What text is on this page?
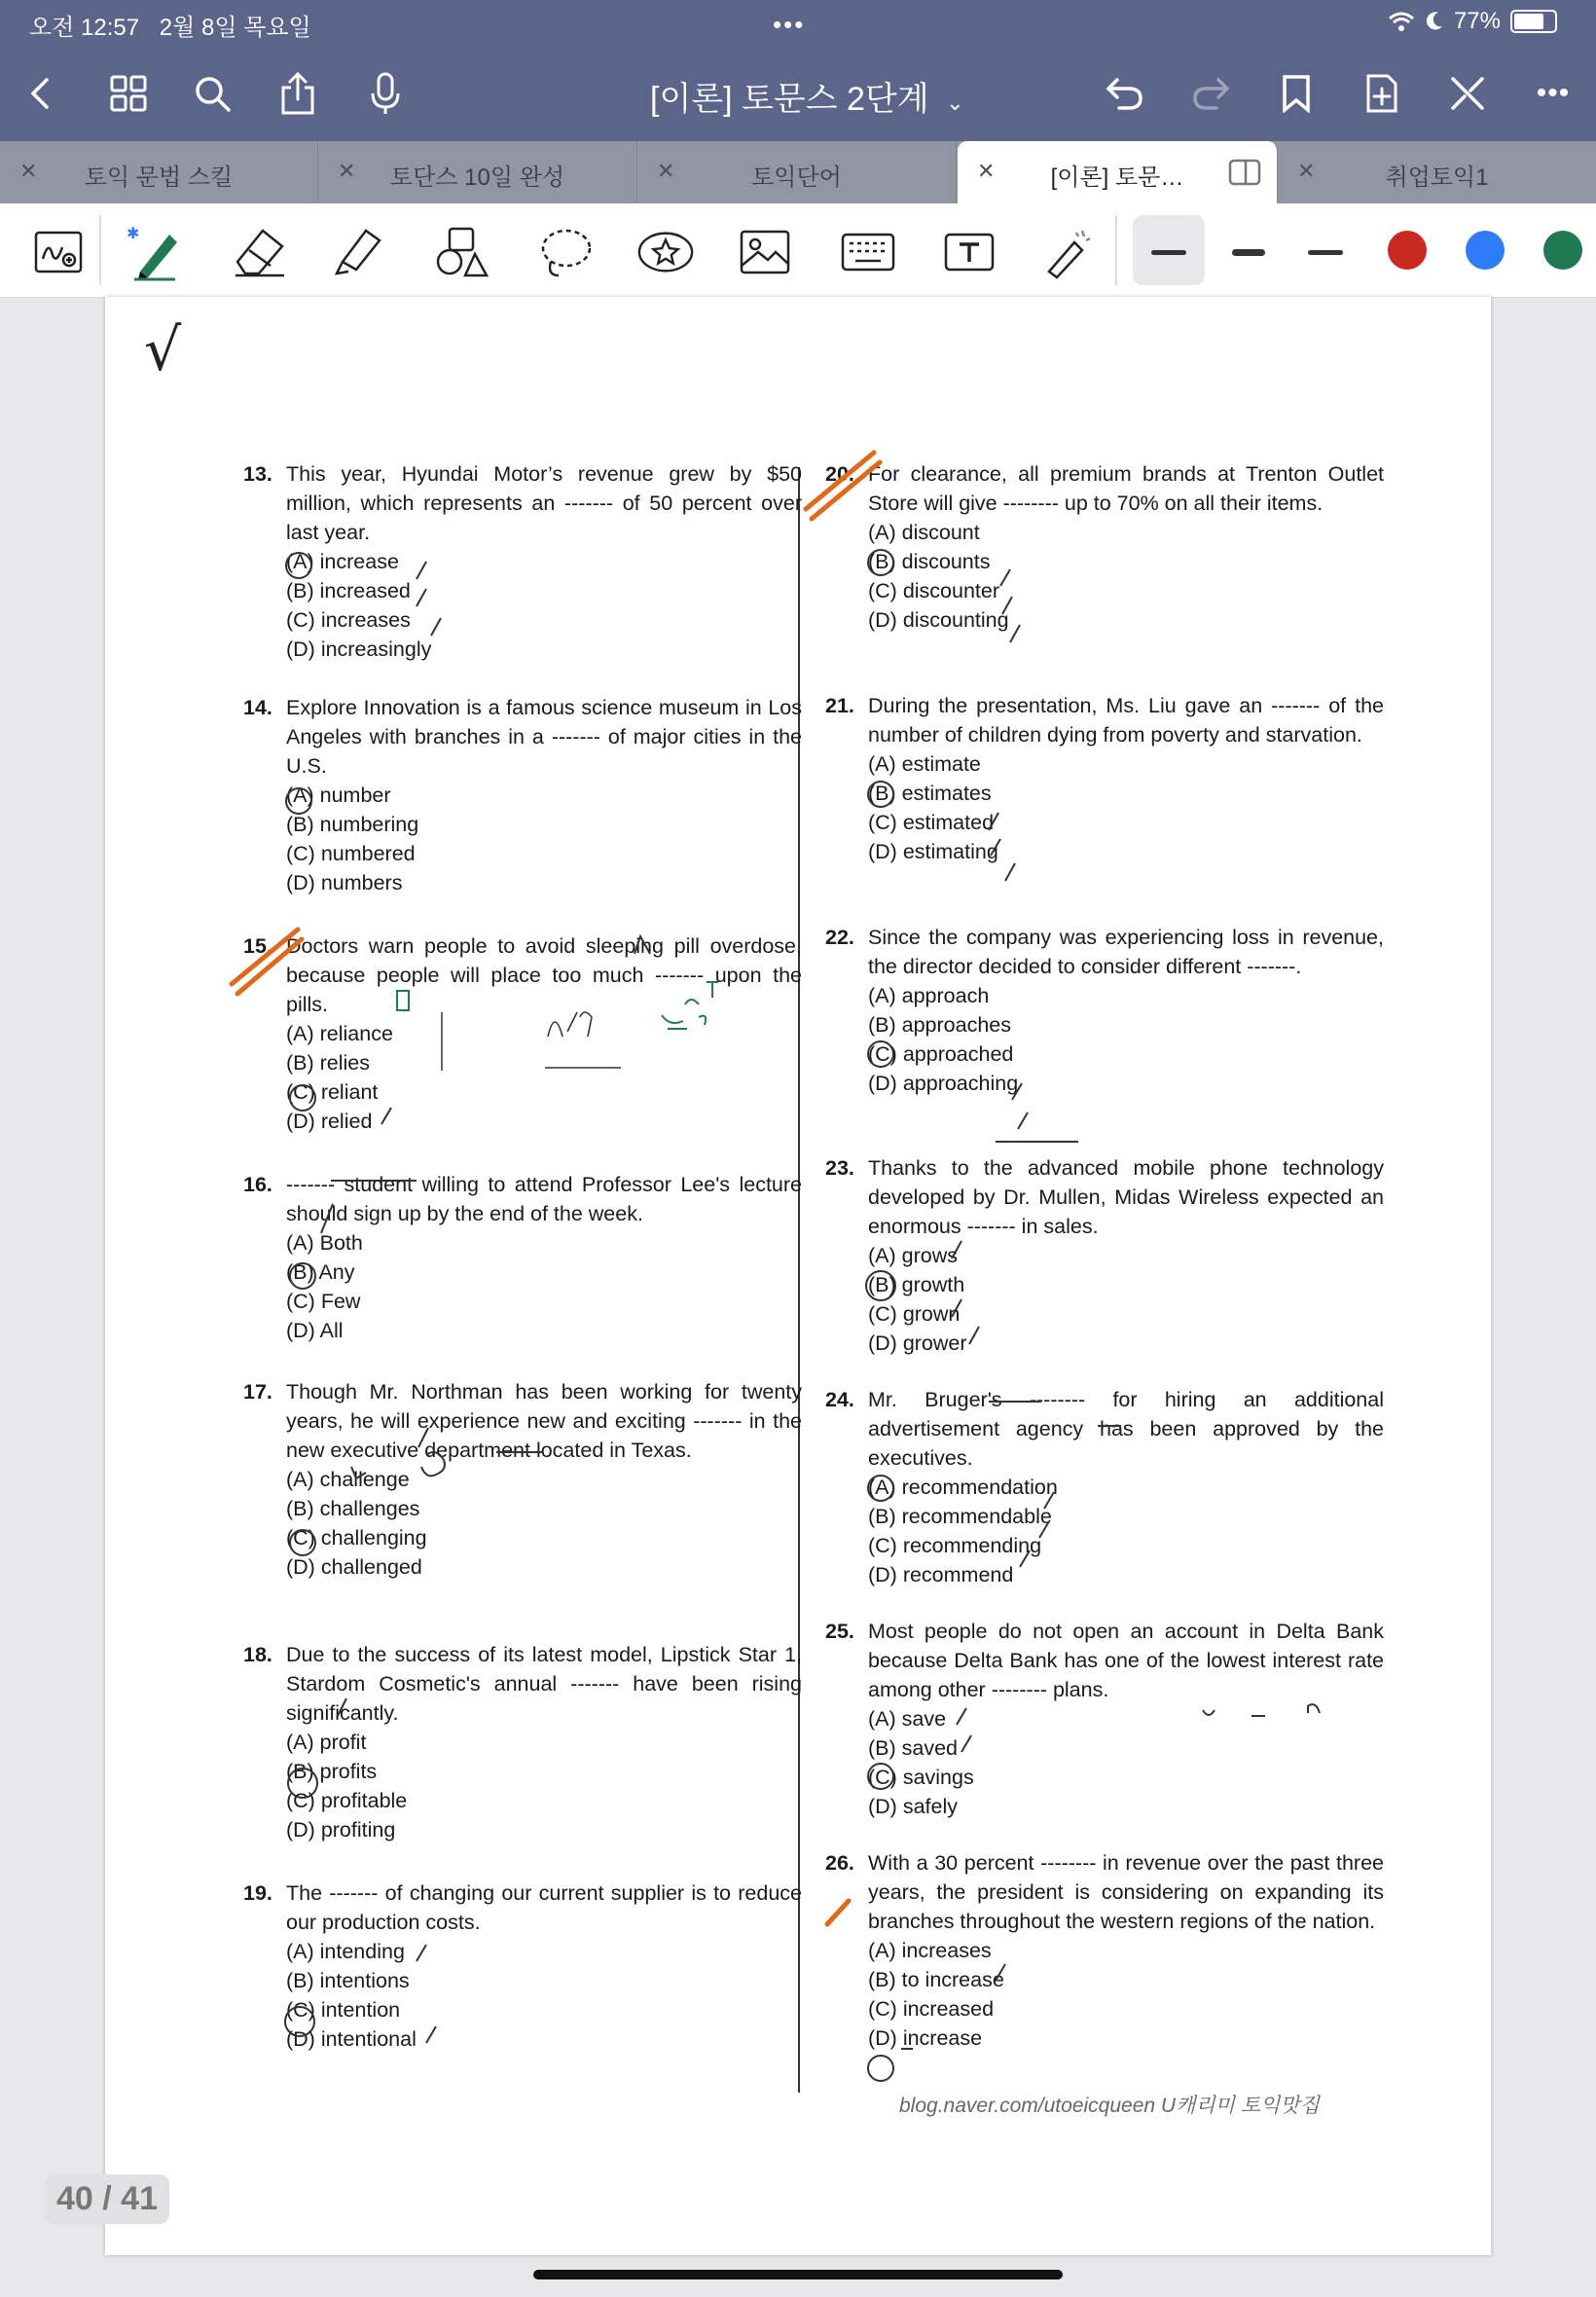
오전 12:57 2월 8일 목요일	•••	77%
[이론] 토문스 2단계 ⌄	•••
✕	토익 문법 스킬	✕	토단스 10일 완성	✕	토익단어	✕	[이론] 토문…	✕	취업토익1
✱
√
13. This year, Hyundai Motor’s revenue grew by $50 million, which represents an ------- of 50 percent over last year.
(A) increase
(B) increased
(C) increases
(D) increasingly
14. Explore Innovation is a famous science museum in Los Angeles with branches in a ------- of major cities in the U.S.
(A) number
(B) numbering
(C) numbered
(D) numbers
15. Doctors warn people to avoid sleeping pill overdose, because people will place too much ------- upon the pills.
(A) reliance
(B) relies
(C) reliant
(D) relied
16. ------- student willing to attend Professor Lee's lecture should sign up by the end of the week.
(A) Both
(B) Any
(C) Few
(D) All
17. Though Mr. Northman has been working for twenty years, he will experience new and exciting ------- in the new executive department located in Texas.
(A) challenge
(B) challenges
(C) challenging
(D) challenged
18. Due to the success of its latest model, Lipstick Star 1, Stardom Cosmetic's annual ------- have been rising significantly.
(A) profit
(B) profits
(C) profitable
(D) profiting
19. The ------- of changing our current supplier is to reduce our production costs.
(A) intending
(B) intentions
(C) intention
(D) intentional
20. For clearance, all premium brands at Trenton Outlet Store will give -------- up to 70% on all their items.
(A) discount
(B) discounts
(C) discounter
(D) discounting
21. During the presentation, Ms. Liu gave an ------- of the number of children dying from poverty and starvation.
(A) estimate
(B) estimates
(C) estimated
(D) estimating
22. Since the company was experiencing loss in revenue, the director decided to consider different -------.
(A) approach
(B) approaches
(C) approached
(D) approaching
23. Thanks to the advanced mobile phone technology developed by Dr. Mullen, Midas Wireless expected an enormous ------- in sales.
(A) grows
(B) growth
(C) grown
(D) grower
24. Mr. Bruger's -------- for hiring an additional advertisement agency has been approved by the executives.
(A) recommendation
(B) recommendable
(C) recommending
(D) recommend
25. Most people do not open an account in Delta Bank because Delta Bank has one of the lowest interest rate among other -------- plans.
(A) save
(B) saved
(C) savings
(D) safely
26. With a 30 percent -------- in revenue over the past three years, the president is considering on expanding its branches throughout the western regions of the nation.
(A) increases
(B) to increase
(C) increased
(D) increase
blog.naver.com/utoeicqueen U캐리미 토익맛집
40 / 41
